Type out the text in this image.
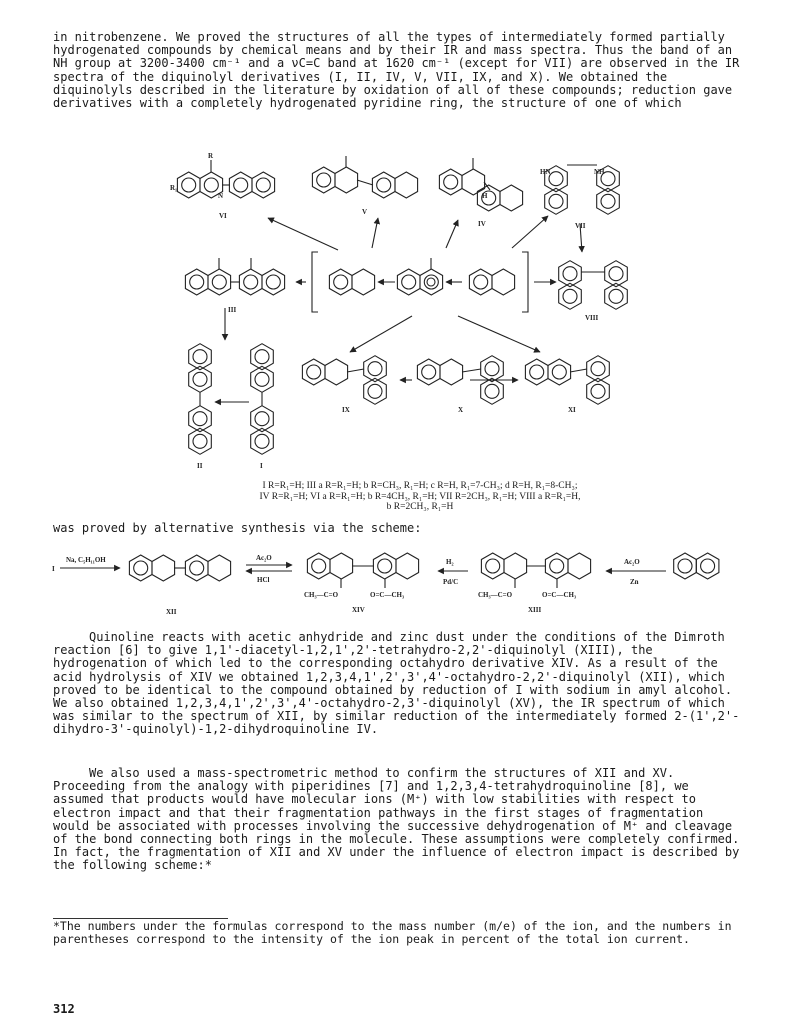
in nitrobenzene. We proved the structures of all the types of intermediately formed partially hydrogenated compounds by chemical means and by their IR and mass spectra. Thus the band of an NH group at 3200-3400 cm⁻¹ and a νC=C band at 1620 cm⁻¹ (except for VII) are observed in the IR spectra of the diquinolyl derivatives (I, II, IV, V, VII, IX, and X). We obtained the diquinolyls described in the literature by oxidation of all of these compounds; reduction gave derivatives with a completely hydrogenated pyridine ring, the structure of one of which

VI	V
IV	VII
III
VIII
II	I
IX	X	XI
R
R₁
H
NH
HN
N
I R=R₁=H; III a R=R₁=H; b R=CH₃, R₁=H; c R=H, R₁=7-CH₃; d R=H, R₁=8-CH₃;
IV R=R₁=H; VI a R=R₁=H; b R=4CH₃, R₁=H; VII R=2CH₃, R₁=H; VIII a R=R₁=H,
b R=2CH₃, R₁=H

was proved by alternative synthesis via the scheme:

I
Na, C₅H₁₁OH	Ac₂O
HCl
H₂
Pd/C
Ac₂O
Zn
CH₃—C=O	O=C—CH₃	CH₃—C=O	O=C—CH₃
XII	XIV	XIII

Quinoline reacts with acetic anhydride and zinc dust under the conditions of the Dimroth reaction [6] to give 1,1'-diacetyl-1,2,1',2'-tetrahydro-2,2'-diquinolyl (XIII), the hydrogenation of which led to the corresponding octahydro derivative XIV. As a result of the acid hydrolysis of XIV we obtained 1,2,3,4,1',2',3',4'-octahydro-2,2'-diquinolyl (XII), which proved to be identical to the compound obtained by reduction of I with sodium in amyl alcohol. We also obtained 1,2,3,4,1',2',3',4'-octahydro-2,3'-diquinolyl (XV), the IR spectrum of which was similar to the spectrum of XII, by similar reduction of the intermediately formed 2-(1',2'-dihydro-3'-quinolyl)-1,2-dihydroquinoline IV.

We also used a mass-spectrometric method to confirm the structures of XII and XV. Proceeding from the analogy with piperidines [7] and 1,2,3,4-tetrahydroquinoline [8], we assumed that products would have molecular ions (M⁺) with low stabilities with respect to electron impact and that their fragmentation pathways in the first stages of fragmentation would be associated with processes involving the successive dehydrogenation of M⁺ and cleavage of the bond connecting both rings in the molecule. These assumptions were completely confirmed. In fact, the fragmentation of XII and XV under the influence of electron impact is described by the following scheme:*

*The numbers under the formulas correspond to the mass number (m/e) of the ion, and the numbers in parentheses correspond to the intensity of the ion peak in percent of the total ion current.

312
